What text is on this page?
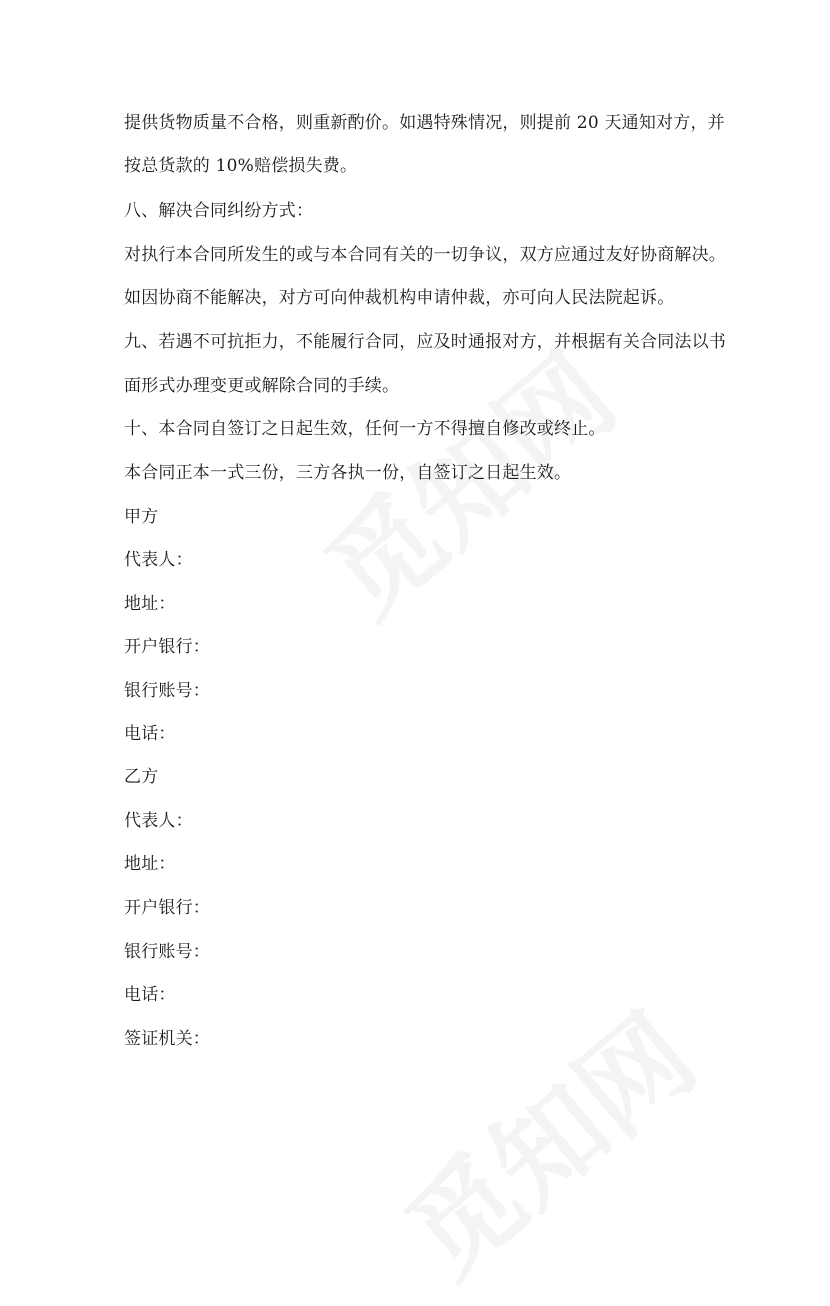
提供货物质量不合格，则重新酌价。如遇特殊情况，则提前 20 天通知对方，并
按总货款的 10%赔偿损失费。
八、解决合同纠纷方式：
对执行本合同所发生的或与本合同有关的一切争议，双方应通过友好协商解决。
如因协商不能解决，对方可向仲裁机构申请仲裁，亦可向人民法院起诉。
九、若遇不可抗拒力，不能履行合同，应及时通报对方，并根据有关合同法以书
面形式办理变更或解除合同的手续。
十、本合同自签订之日起生效，任何一方不得擅自修改或终止。
本合同正本一式三份，三方各执一份，自签订之日起生效。
甲方
代表人：
地址：
开户银行：
银行账号：
电话：
乙方
代表人：
地址：
开户银行：
银行账号：
电话：
签证机关：
